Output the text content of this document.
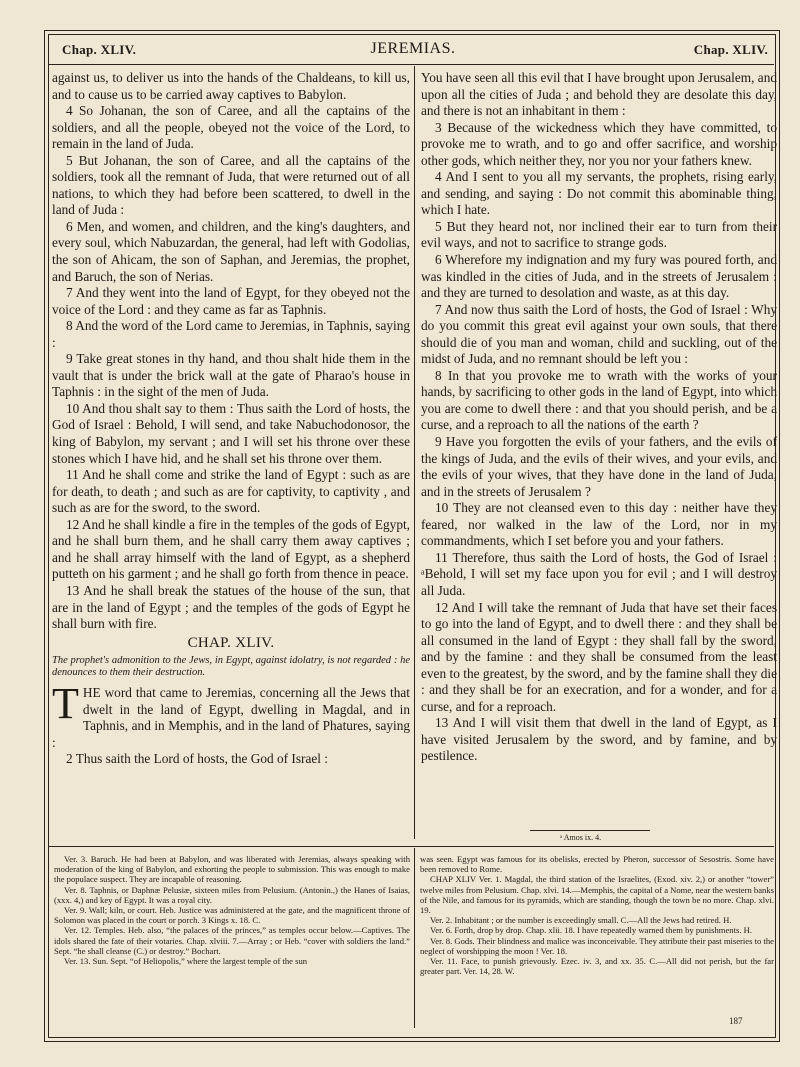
Chap. XLIV.	JEREMIAS.	Chap. XLIV.

against us, to deliver us into the hands of the Chaldeans, to kill us, and to cause us to be carried away captives to Babylon.

4 So Johanan, the son of Caree, and all the captains of the soldiers, and all the people, obeyed not the voice of the Lord, to remain in the land of Juda.

5 But Johanan, the son of Caree, and all the captains of the soldiers, took all the remnant of Juda, that were returned out of all nations, to which they had before been scattered, to dwell in the land of Juda :

6 Men, and women, and children, and the king's daughters, and every soul, which Nabuzardan, the general, had left with Godolias, the son of Ahicam, the son of Saphan, and Jeremias, the prophet, and Baruch, the son of Nerias.

7 And they went into the land of Egypt, for they obeyed not the voice of the Lord : and they came as far as Taphnis.

8 And the word of the Lord came to Jeremias, in Taphnis, saying :

9 Take great stones in thy hand, and thou shalt hide them in the vault that is under the brick wall at the gate of Pharao's house in Taphnis : in the sight of the men of Juda.

10 And thou shalt say to them : Thus saith the Lord of hosts, the God of Israel : Behold, I will send, and take Nabuchodonosor, the king of Babylon, my servant ; and I will set his throne over these stones which I have hid, and he shall set his throne over them.

11 And he shall come and strike the land of Egypt : such as are for death, to death ; and such as are for captivity, to captivity , and such as are for the sword, to the sword.

12 And he shall kindle a fire in the temples of the gods of Egypt, and he shall burn them, and he shall carry them away captives ; and he shall array himself with the land of Egypt, as a shepherd putteth on his garment ; and he shall go forth from thence in peace.

13 And he shall break the statues of the house of the sun, that are in the land of Egypt ; and the temples of the gods of Egypt he shall burn with fire.

CHAP. XLIV.
The prophet's admonition to the Jews, in Egypt, against idolatry, is not regarded : he denounces to them their destruction.

THE word that came to Jeremias, concerning all the Jews that dwelt in the land of Egypt, dwelling in Magdal, and in Taphnis, and in Memphis, and in the land of Phatures, saying :

2 Thus saith the Lord of hosts, the God of Israel :

You have seen all this evil that I have brought upon Jerusalem, and upon all the cities of Juda ; and behold they are desolate this day, and there is not an inhabitant in them :

3 Because of the wickedness which they have committed, to provoke me to wrath, and to go and offer sacrifice, and worship other gods, which neither they, nor you nor your fathers knew.

4 And I sent to you all my servants, the prophets, rising early, and sending, and saying : Do not commit this abominable thing, which I hate.

5 But they heard not, nor inclined their ear to turn from their evil ways, and not to sacrifice to strange gods.

6 Wherefore my indignation and my fury was poured forth, and was kindled in the cities of Juda, and in the streets of Jerusalem : and they are turned to desolation and waste, as at this day.

7 And now thus saith the Lord of hosts, the God of Israel : Why do you commit this great evil against your own souls, that there should die of you man and woman, child and suckling, out of the midst of Juda, and no remnant should be left you :

8 In that you provoke me to wrath with the works of your hands, by sacrificing to other gods in the land of Egypt, into which you are come to dwell there : and that you should perish, and be a curse, and a reproach to all the nations of the earth ?

9 Have you forgotten the evils of your fathers, and the evils of the kings of Juda, and the evils of their wives, and your evils, and the evils of your wives, that they have done in the land of Juda, and in the streets of Jerusalem ?

10 They are not cleansed even to this day : neither have they feared, nor walked in the law of the Lord, nor in my commandments, which I set before you and your fathers.

11 Therefore, thus saith the Lord of hosts, the God of Israel : ᵃBehold, I will set my face upon you for evil ; and I will destroy all Juda.

12 And I will take the remnant of Juda that have set their faces to go into the land of Egypt, and to dwell there : and they shall be all consumed in the land of Egypt : they shall fall by the sword, and by the famine : and they shall be consumed from the least even to the greatest, by the sword, and by the famine shall they die : and they shall be for an execration, and for a wonder, and for a curse, and for a reproach.

13 And I will visit them that dwell in the land of Egypt, as I have visited Jerusalem by the sword, and by famine, and by pestilence.

ᵃ Amos ix. 4.

Ver. 3. Baruch. He had been at Babylon, and was liberated with Jeremias, always speaking with moderation of the king of Babylon, and exhorting the people to submission. This was enough to make the populace suspect. They are incapable of reasoning.

Ver. 8. Taphnis, or Daphnæ Pelusiæ, sixteen miles from Pelusium. (Antonin.,) the Hanes of Isaias, (xxx. 4,) and key of Egypt. It was a royal city.

Ver. 9. Wall; kiln, or court. Heb. Justice was administered at the gate, and the magnificent throne of Solomon was placed in the court or porch. 3 Kings x. 18. C.

Ver. 12. Temples. Heb. also, “the palaces of the princes,” as temples occur below.—Captives. The idols shared the fate of their votaries. Chap. xlviii. 7.—Array ; or Heb. “cover with soldiers the land.” Sept. “he shall cleanse (C.) or destroy.” Bochart.

Ver. 13. Sun. Sept. “of Heliopolis,” where the largest temple of the sun

was seen. Egypt was famous for its obelisks, erected by Pheron, successor of Sesostris. Some have been removed to Rome.

CHAP XLIV Ver. 1. Magdal, the third station of the Israelites, (Exod. xiv. 2,) or another “tower” twelve miles from Pelusium. Chap. xlvi. 14.—Memphis, the capital of a Nome, near the western banks of the Nile, and famous for its pyramids, which are standing, though the town be no more. Chap. xlvi. 19.

Ver. 2. Inhabitant ; or the number is exceedingly small. C.—All the Jews had retired. H.

Ver. 6. Forth, drop by drop. Chap. xlii. 18. I have repeatedly warned them by punishments. H.

Ver. 8. Gods. Their blindness and malice was inconceivable. They attribute their past miseries to the neglect of worshipping the moon ! Ver. 18.

Ver. 11. Face, to punish grievously. Ezec. iv. 3, and xx. 35. C.—All did not perish, but the far greater part. Ver. 14, 28. W.

187
